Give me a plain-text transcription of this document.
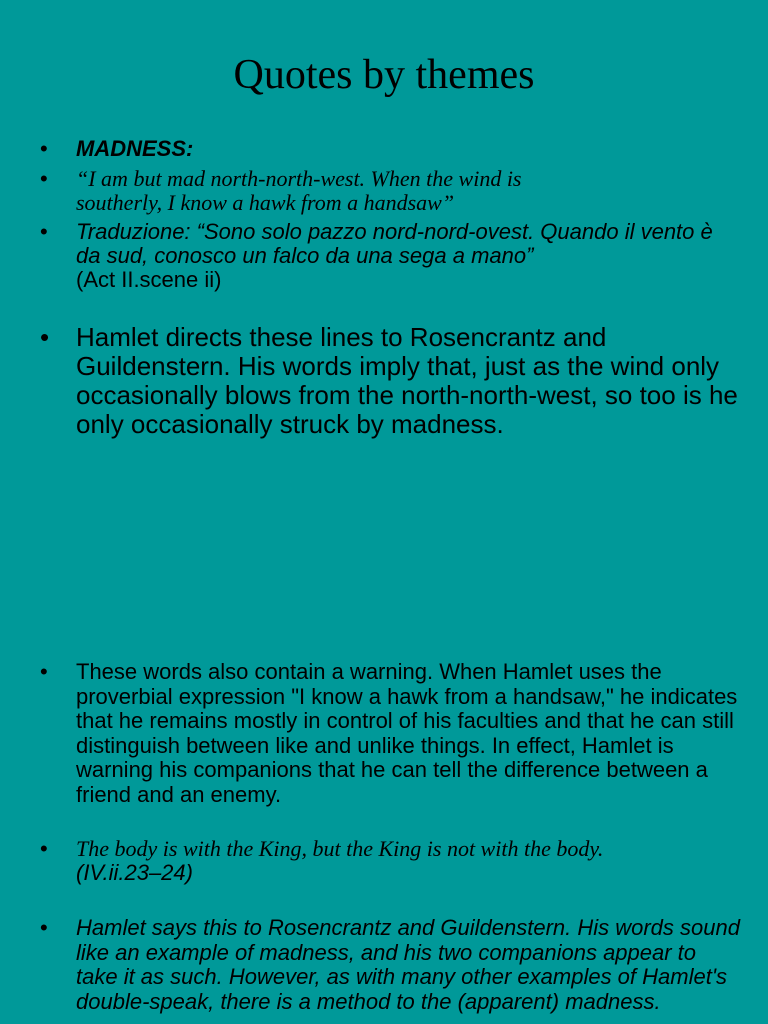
Quotes by themes
•	MADNESS:
•	“I am but mad north-north-west. When the wind is southerly, I know a hawk from a handsaw”
•	Traduzione: “Sono solo pazzo nord-nord-ovest. Quando il vento è da sud, conosco un falco da una sega a mano”
(Act II.scene ii)
•	Hamlet directs these lines to Rosencrantz and Guildenstern. His words imply that, just as the wind only occasionally blows from the north-north-west, so too is he only occasionally struck by madness.
•	These words also contain a warning. When Hamlet uses the proverbial expression "I know a hawk from a handsaw," he indicates that he remains mostly in control of his faculties and that he can still distinguish between like and unlike things. In effect, Hamlet is warning his companions that he can tell the difference between a friend and an enemy.
•	The body is with the King, but the King is not with the body.
(IV.ii.23–24)
•	Hamlet says this to Rosencrantz and Guildenstern. His words sound like an example of madness, and his two companions appear to take it as such. However, as with many other examples of Hamlet's double-speak, there is a method to the (apparent) madness.
